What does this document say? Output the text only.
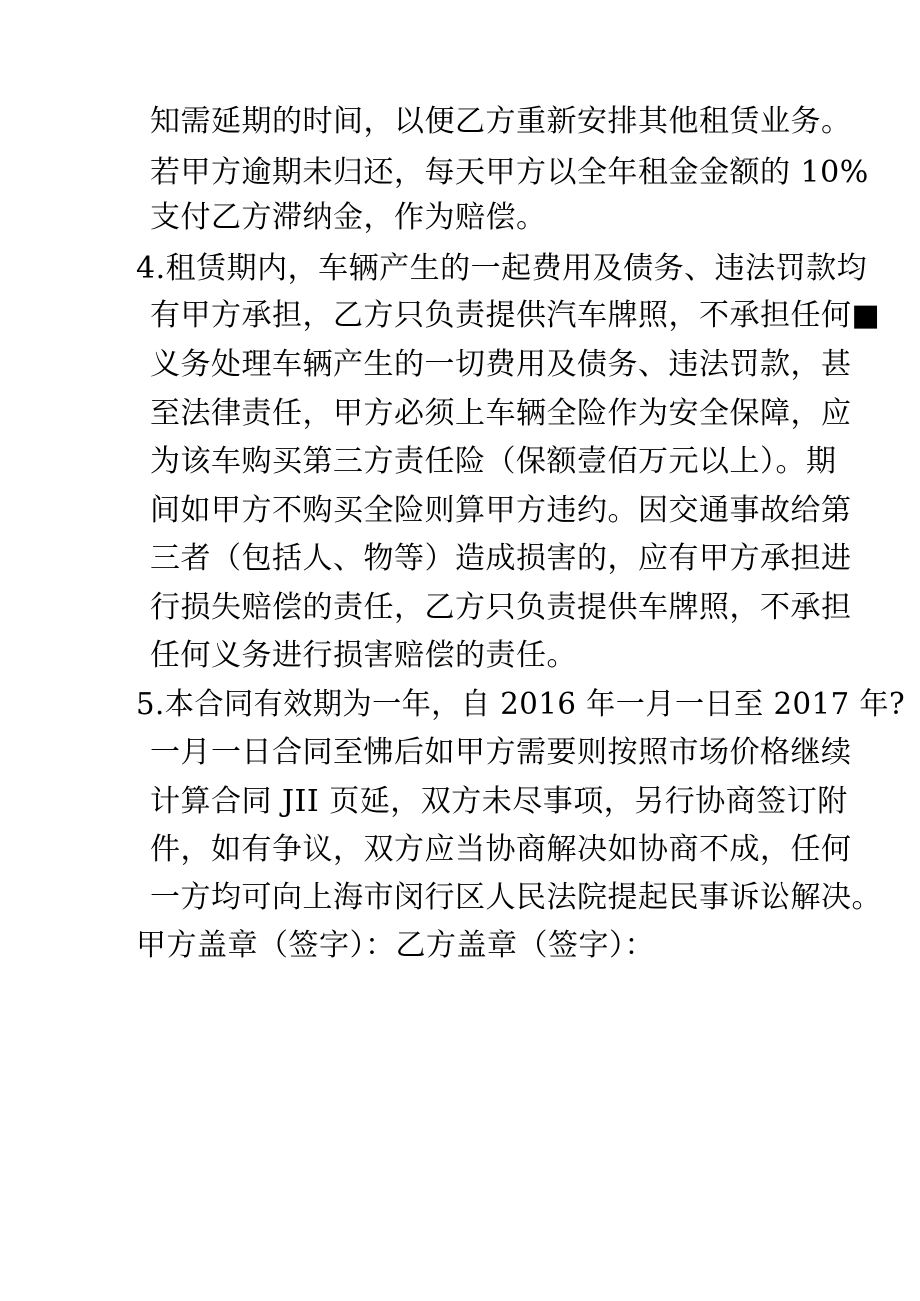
知需延期的时间，以便乙方重新安排其他租赁业务。
若甲方逾期未归还，每天甲方以全年租金金额的 10%
支付乙方滞纳金，作为赔偿。
4.租赁期内，车辆产生的一起费用及债务、违法罚款均
有甲方承担，乙方只负责提供汽车牌照，不承担任何■
义务处理车辆产生的一切费用及债务、违法罚款，甚
至法律责任，甲方必须上车辆全险作为安全保障，应
为该车购买第三方责任险（保额壹佰万元以上）。期
间如甲方不购买全险则算甲方违约。因交通事故给第
三者（包括人、物等）造成损害的，应有甲方承担进
行损失赔偿的责任，乙方只负责提供车牌照，不承担
任何义务进行损害赔偿的责任。
5.本合同有效期为一年，自 2016 年一月一日至 2017 年?
一月一日合同至怫后如甲方需要则按照市场价格继续
计算合同 JII 页延，双方未尽事项，另行协商签订附
件，如有争议，双方应当协商解决如协商不成，任何
一方均可向上海市闵行区人民法院提起民事诉讼解决。
甲方盖章（签字）：乙方盖章（签字）：
